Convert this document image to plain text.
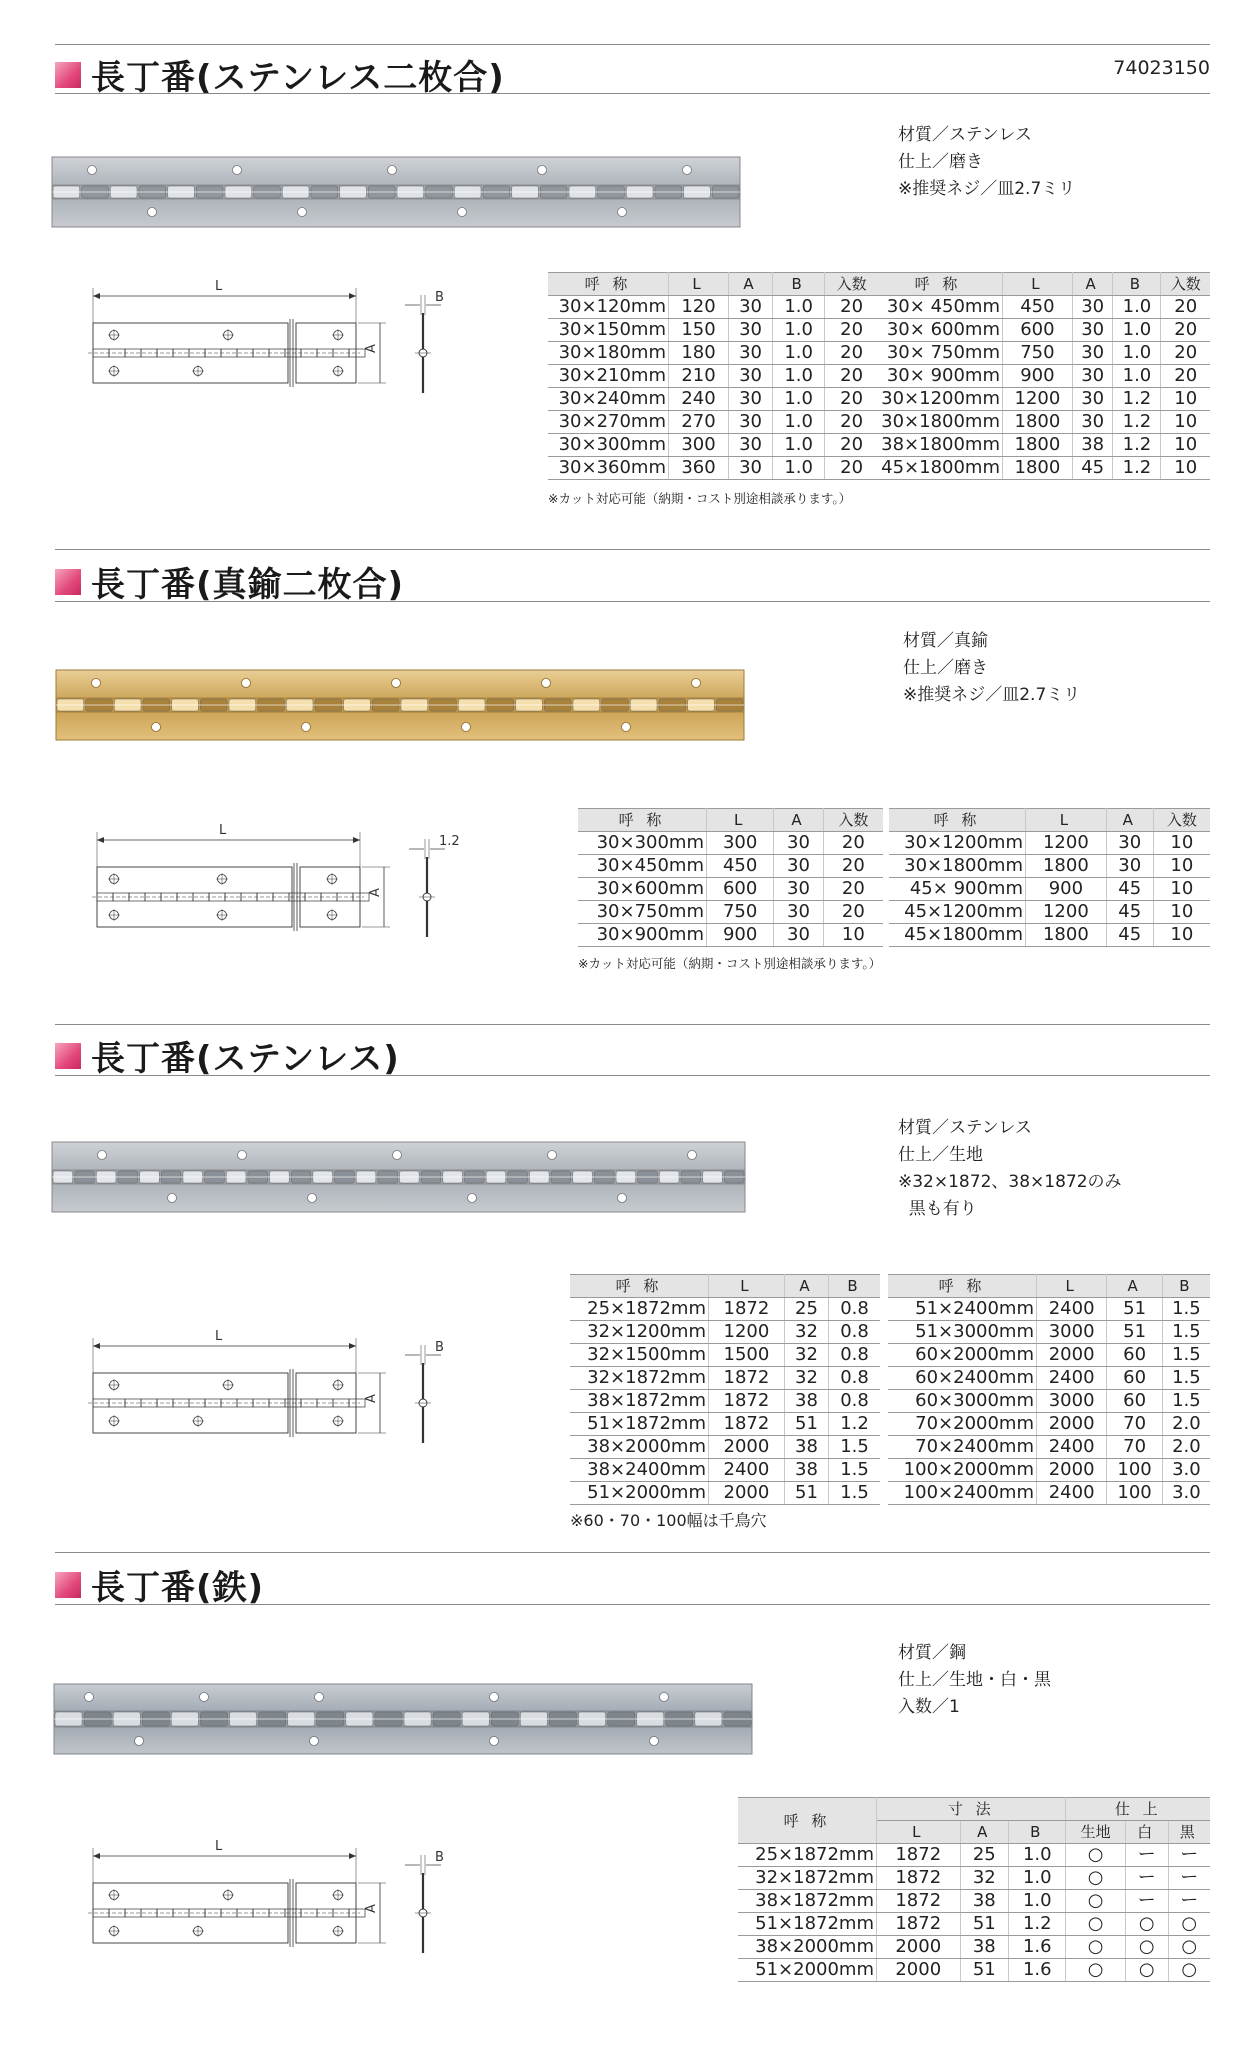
74023150
長丁番(ステンレス二枚合)
材質／ステンレス
仕上／磨き
※推奨ネジ／皿2.7ミリ
L
A
B
呼 称	L	A	B	入数
30×120mm	120	30	1.0	20
30×150mm	150	30	1.0	20
30×180mm	180	30	1.0	20
30×210mm	210	30	1.0	20
30×240mm	240	30	1.0	20
30×270mm	270	30	1.0	20
30×300mm	300	30	1.0	20
30×360mm	360	30	1.0	20
呼 称	L	A	B	入数
30× 450mm	450	30	1.0	20
30× 600mm	600	30	1.0	20
30× 750mm	750	30	1.0	20
30× 900mm	900	30	1.0	20
30×1200mm	1200	30	1.2	10
30×1800mm	1800	30	1.2	10
38×1800mm	1800	38	1.2	10
45×1800mm	1800	45	1.2	10
※カット対応可能（納期・コスト別途相談承ります。）
長丁番(真鍮二枚合)
材質／真鍮
仕上／磨き
※推奨ネジ／皿2.7ミリ
L
A
1.2
呼 称	L	A	入数
30×300mm	300	30	20
30×450mm	450	30	20
30×600mm	600	30	20
30×750mm	750	30	20
30×900mm	900	30	10
呼 称	L	A	入数
30×1200mm	1200	30	10
30×1800mm	1800	30	10
45× 900mm	900	45	10
45×1200mm	1200	45	10
45×1800mm	1800	45	10
※カット対応可能（納期・コスト別途相談承ります。）
長丁番(ステンレス)
材質／ステンレス
仕上／生地
※32×1872、38×1872のみ
黒も有り
L
A
B
呼 称	L	A	B
25×1872mm	1872	25	0.8
32×1200mm	1200	32	0.8
32×1500mm	1500	32	0.8
32×1872mm	1872	32	0.8
38×1872mm	1872	38	0.8
51×1872mm	1872	51	1.2
38×2000mm	2000	38	1.5
38×2400mm	2400	38	1.5
51×2000mm	2000	51	1.5
呼 称	L	A	B
51×2400mm	2400	51	1.5
51×3000mm	3000	51	1.5
60×2000mm	2000	60	1.5
60×2400mm	2400	60	1.5
60×3000mm	3000	60	1.5
70×2000mm	2000	70	2.0
70×2400mm	2400	70	2.0
100×2000mm	2000	100	3.0
100×2400mm	2400	100	3.0
※60・70・100幅は千鳥穴
長丁番(鉄)
材質／鋼
仕上／生地・白・黒
入数／1
L
A
B
呼 称	寸 法			仕 上		
	L	A	B	生地	白	黒
25×1872mm	1872	25	1.0	○	ー	ー
32×1872mm	1872	32	1.0	○	ー	ー
38×1872mm	1872	38	1.0	○	ー	ー
51×1872mm	1872	51	1.2	○	○	○
38×2000mm	2000	38	1.6	○	○	○
51×2000mm	2000	51	1.6	○	○	○
